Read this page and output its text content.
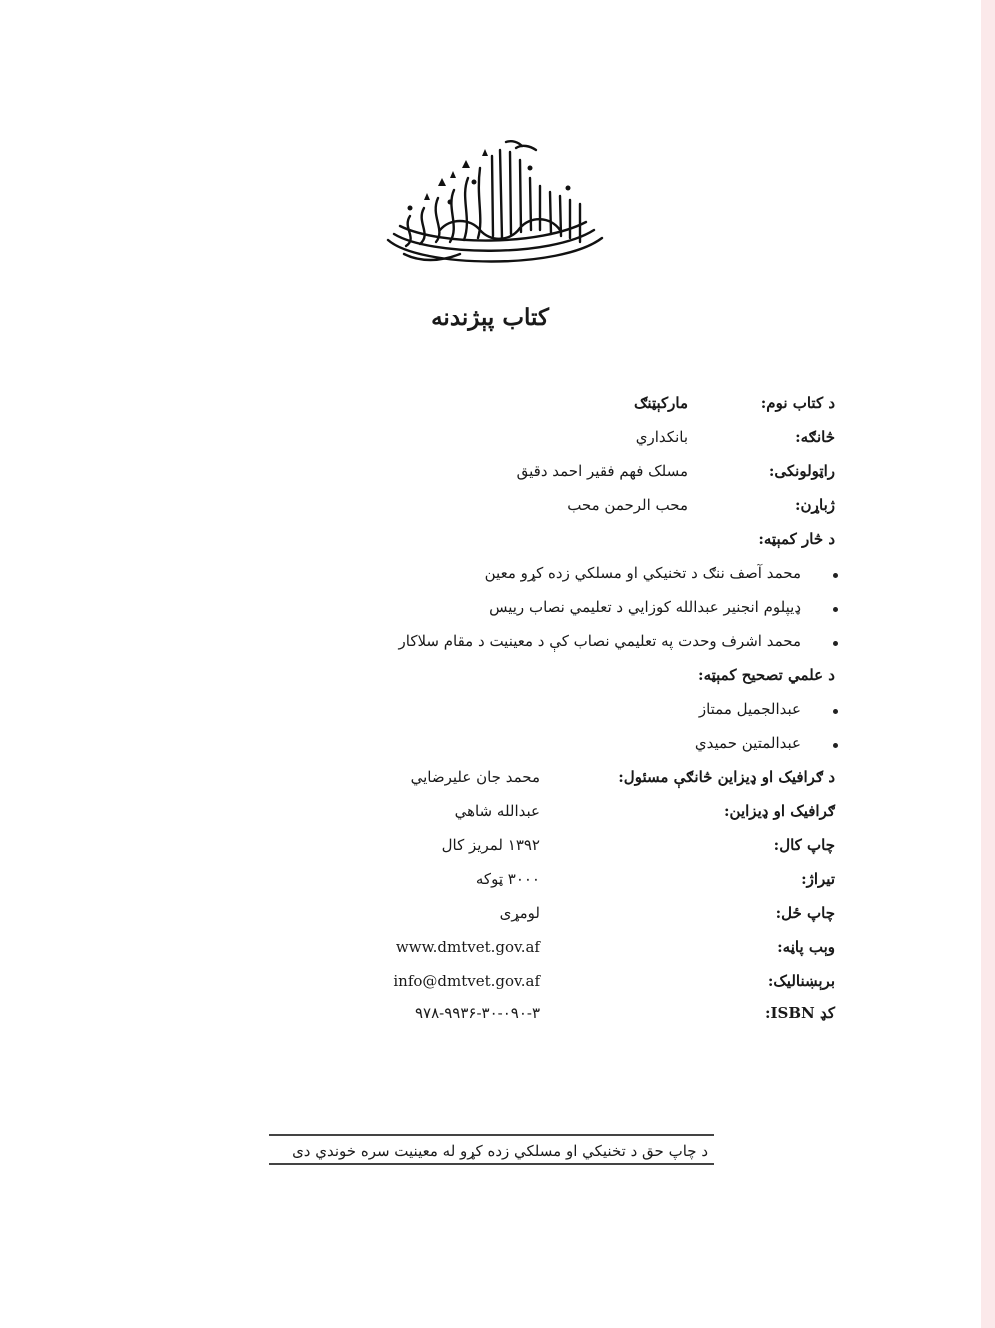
کتاب پېژندنه
د کتاب نوم:
مارکېټنګ
څانګه:
بانکداري
راټولونکی:
مسلک فهم فقير احمد دقيق
ژباړن:
محب الرحمن محب
د څار کمېټه:
محمد آصف ننګ د تخنيکي او مسلکي زده کړو معين
ډيپلوم انجنير عبدالله کوزايي د تعليمي نصاب رييس
محمد اشرف وحدت په تعليمي نصاب کې د معينيت د مقام سلاکار
د علمي تصحيح کمېټه:
عبدالجميل ممتاز
عبدالمتين حميدي
د ګرافيک او ډيزاين څانګې مسئول:
محمد جان عليرضايي
ګرافيک او ډيزاين:
عبدالله شاهي
چاپ کال:
۱۳۹۲ لمريز کال
تيراژ:
۳۰۰۰ ټوکه
چاپ ځل:
لومړی
وېب پاڼه:
www.dmtvet.gov.af
برېښناليک:
info@dmtvet.gov.af
کډ ISBN:
۹۷۸-۹۹۳۶-۳۰-۰۹۰-۳
د چاپ حق د تخنيکي او مسلکي زده کړو له معينيت سره خوندي دی
